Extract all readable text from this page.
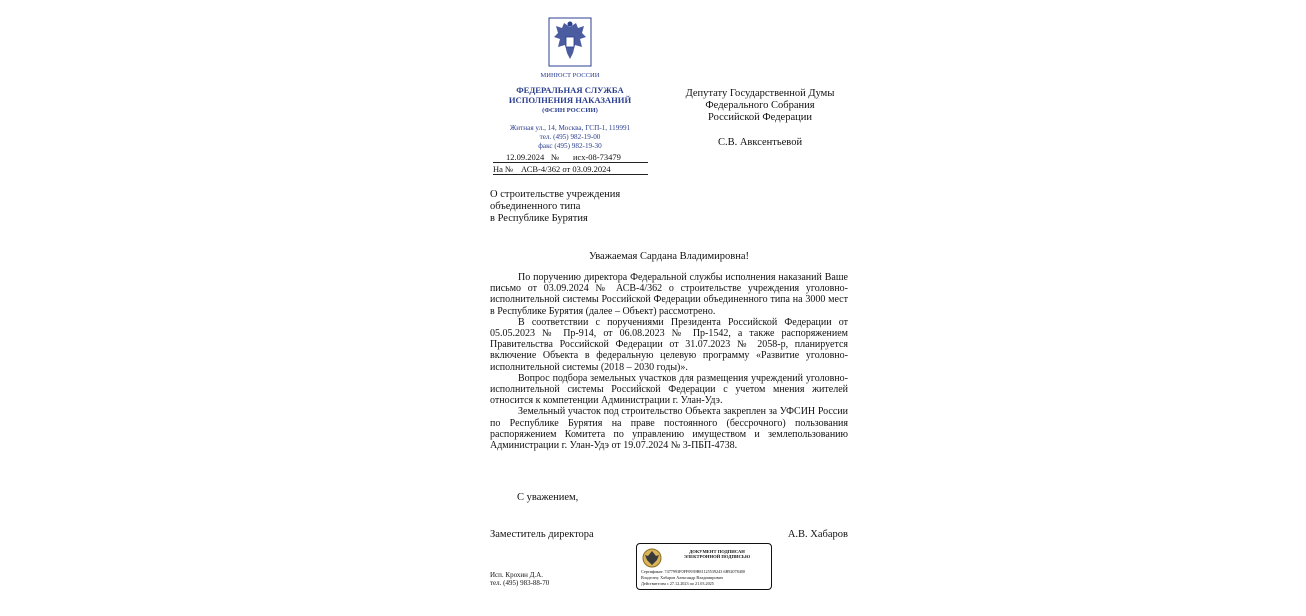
МИНЮСТ РОССИИ
ФЕДЕРАЛЬНАЯ СЛУЖБА
ИСПОЛНЕНИЯ НАКАЗАНИЙ
(ФСИН РОССИИ)
Житная ул., 14, Москва, ГСП-1, 119991
тел. (495) 982-19-00
факс (495) 982-19-30
12.09.2024 № исх-08-73479
На № АСВ-4/362 от 03.09.2024
Депутату Государственной Думы
Федерального Собрания
Российской Федерации
С.В. Авксентьевой
О строительстве учреждения
объединенного типа
в Республике Бурятия
Уважаемая Сардана Владимировна!
По поручению директора Федеральной службы исполнения наказаний Ваше письмо от 03.09.2024 № АСВ-4/362 о строительстве учреждения уголовно-исполнительной системы Российской Федерации объединенного типа на 3000 мест в Республике Бурятия (далее – Объект) рассмотрено.
В соответствии с поручениями Президента Российской Федерации от 05.05.2023 № Пр-914, от 06.08.2023 № Пр-1542, а также распоряжением Правительства Российской Федерации от 31.07.2023 № 2058-р, планируется включение Объекта в федеральную целевую программу «Развитие уголовно-исполнительной системы (2018 – 2030 годы)».
Вопрос подбора земельных участков для размещения учреждений уголовно-исполнительной системы Российской Федерации с учетом мнения жителей относится к компетенции Администрации г. Улан-Удэ.
Земельный участок под строительство Объекта закреплен за УФСИН России по Республике Бурятия на праве постоянного (бессрочного) пользования распоряжением Комитета по управлению имуществом и землепользованию Администрации г. Улан-Удэ от 19.07.2024 № 3-ПБП-4738.
С уважением,
Заместитель директора	А.В. Хабаров
ДОКУМЕНТ ПОДПИСАН
ЭЛЕКТРОННОЙ ПОДПИСЬЮ
Сертификат: 7477993F0FF0939B81125539243 6B92078400
Владелец: Хабаров Александр Владимирович
Действителен с 27.12.2023 по 21.03.2025
Исп. Крохин Д.А.
тел. (495) 983-88-70
